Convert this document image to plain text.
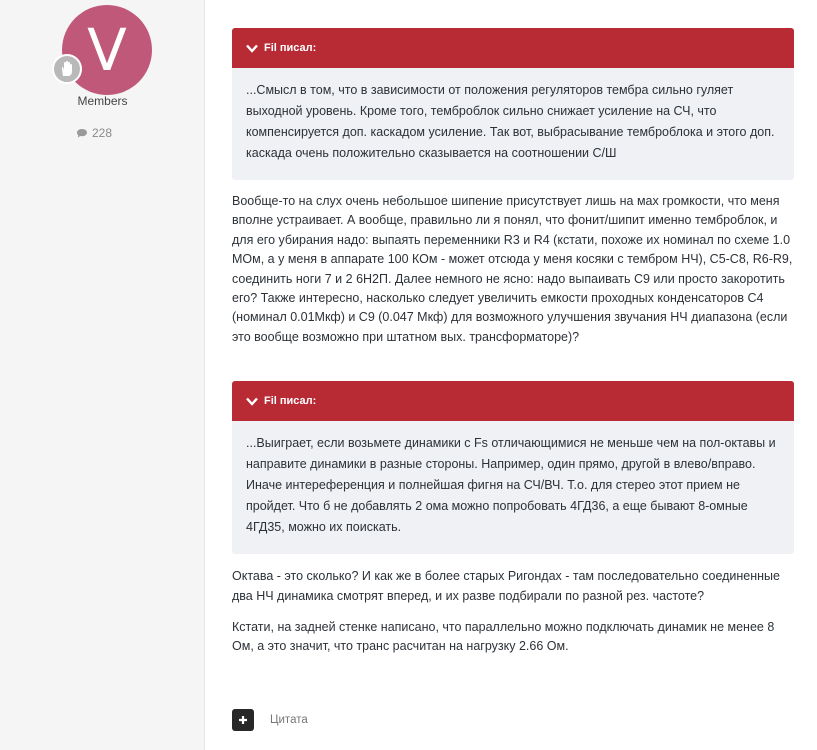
V
Members
228
Fil писал:
...Смысл в том, что в зависимости от положения регуляторов тембра сильно гуляет выходной уровень. Кроме того, темброблок сильно снижает усиление на СЧ, что компенсируется доп. каскадом усиление. Так вот, выбрасывание темброблока и этого доп. каскада очень положительно сказывается на соотношении С/Ш

Вообще-то на слух очень небольшое шипение присутствует лишь на мах громкости, что меня вполне устраивает. А вообще, правильно ли я понял, что фонит/шипит именно темброблок, и для его убирания надо: выпаять переменники R3 и R4 (кстати, похоже их номинал по схеме 1.0 МОм, а у меня в аппарате 100 КОм - может отсюда у меня косяки с тембром НЧ), С5-С8, R6-R9, соединить ноги 7 и 2 6Н2П. Далее немного не ясно: надо выпаивать С9 или просто закоротить его? Также интересно, насколько следует увеличить емкости проходных конденсаторов С4 (номинал 0.01Мкф) и С9 (0.047 Мкф) для возможного улучшения звучания НЧ диапазона (если это вообще возможно при штатном вых. трансформаторе)?

Fil писал:
...Выиграет, если возьмете динамики с Fs отличающимися не меньше чем на пол-октавы и направите динамики в разные стороны. Например, один прямо, другой в влево/вправо. Иначе интереференция и полнейшая фигня на СЧ/ВЧ. Т.о. для стерео этот прием не пройдет. Что б не добавлять 2 ома можно попробовать 4ГД36, а еще бывают 8-омные 4ГД35, можно их поискать.

Октава - это сколько? И как же в более старых Ригондах - там последовательно соединенные два НЧ динамика смотрят вперед, и их разве подбирали по разной рез. частоте?

Кстати, на задней стенке написано, что параллельно можно подключать динамик не менее 8 Ом, а это значит, что транс расчитан на нагрузку 2.66 Ом.

Цитата
